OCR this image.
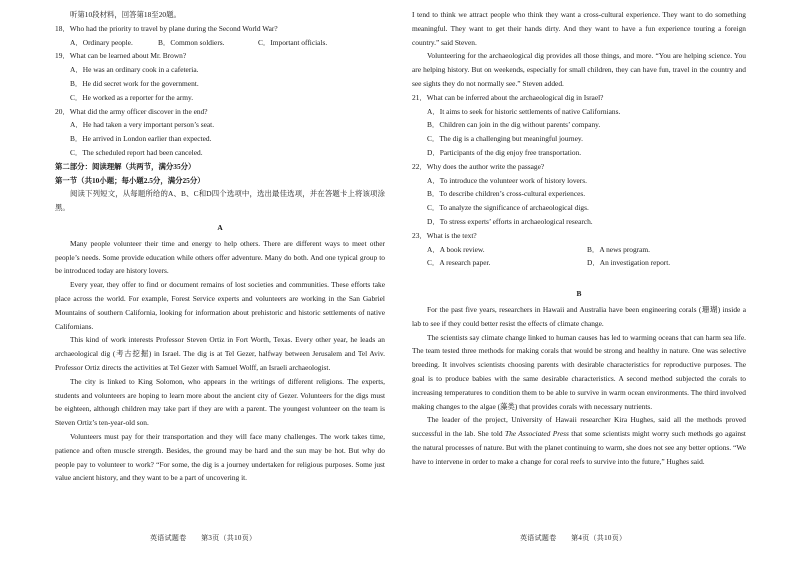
听第10段材料，回答第18至20题。

18．Who had the priority to travel by plane during the Second World War?

A．Ordinary people.	B．Common soldiers.	C．Important officials.

19．What can be learned about Mr. Brown?

A．He was an ordinary cook in a cafeteria.

B．He did secret work for the government.

C．He worked as a reporter for the army.

20．What did the army officer discover in the end?

A．He had taken a very important person’s seat.

B．He arrived in London earlier than expected.

C．The scheduled report had been canceled.

第二部分：阅读理解（共两节，满分35分）

第一节（共10小题；每小题2.5分，满分25分）

阅读下列短文，从每题所给的A、B、C和D四个选项中，选出最佳选项，并在答题卡上将该项涂黑。

A

Many people volunteer their time and energy to help others. There are different ways to meet other people’s needs. Some provide education while others offer adventure. Many do both. And one typical group to be introduced today are history lovers.

Every year, they offer to find or document remains of lost societies and communities. These efforts take place across the world. For example, Forest Service experts and volunteers are working in the San Gabriel Mountains of southern California, looking for information about prehistoric and historic settlements of native Californians.

This kind of work interests Professor Steven Ortiz in Fort Worth, Texas. Every other year, he leads an archaeological dig (考古挖掘) in Israel. The dig is at Tel Gezer, halfway between Jerusalem and Tel Aviv. Professor Ortiz directs the activities at Tel Gezer with Samuel Wolff, an Israeli archaeologist.

The city is linked to King Solomon, who appears in the writings of different religions. The experts, students and volunteers are hoping to learn more about the ancient city of Gezer. Volunteers for the digs must be eighteen, although children may take part if they are with a parent. The youngest volunteer on the team is Steven Ortiz’s ten-year-old son.

Volunteers must pay for their transportation and they will face many challenges. The work takes time, patience and often muscle strength. Besides, the ground may be hard and the sun may be hot. But why do people pay to volunteer to work? “For some, the dig is a journey undertaken for religious purposes. Some just value ancient history, and they want to be a part of uncovering it.

英语试题卷　　第3页（共10页）

I tend to think we attract people who think they want a cross-cultural experience. They want to do something meaningful. They want to get their hands dirty. And they want to have a fun experience touring a foreign country.” said Steven.

Volunteering for the archaeological dig provides all those things, and more. “You are helping science. You are helping history. But on weekends, especially for small children, they can have fun, travel in the country and see sights they do not normally see.” Steven added.

21．What can be inferred about the archaeological dig in Israel?

A．It aims to seek for historic settlements of native Californians.

B．Children can join in the dig without parents’ company.

C．The dig is a challenging but meaningful journey.

D．Participants of the dig enjoy free transportation.

22．Why does the author write the passage?

A．To introduce the volunteer work of history lovers.

B．To describe children’s cross-cultural experiences.

C．To analyze the significance of archaeological digs.

D．To stress experts’ efforts in archaeological research.

23．What is the text?

A．A book review.	B．A news program.
C．A research paper.	D．An investigation report.
B

For the past five years, researchers in Hawaii and Australia have been engineering corals (珊瑚) inside a lab to see if they could better resist the effects of climate change.

The scientists say climate change linked to human causes has led to warming oceans that can harm sea life. The team tested three methods for making corals that would be strong and healthy in nature. One was selective breeding. It involves scientists choosing parents with desirable characteristics for reproductive purposes. The goal is to produce babies with the same desirable characteristics. A second method subjected the corals to increasing temperatures to condition them to be able to survive in warm ocean environments. The third involved making changes to the algae (藻类) that provides corals with necessary nutrients.

The leader of the project, University of Hawaii researcher Kira Hughes, said all the methods proved successful in the lab. She told The Associated Press that some scientists might worry such methods go against the natural processes of nature. But with the planet continuing to warm, she does not see any better options. “We have to intervene in order to make a change for coral reefs to survive into the future,” Hughes said.

英语试题卷　　第4页（共10页）
